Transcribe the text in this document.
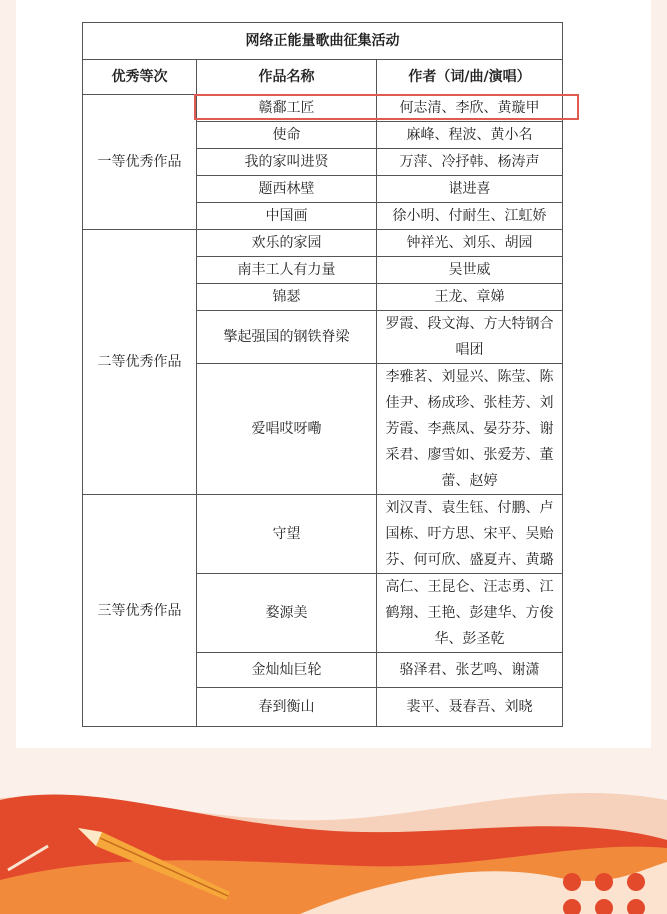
网络正能量歌曲征集活动		
优秀等次	作品名称	作者（词/曲/演唱）
一等优秀作品	赣鄱工匠	何志清、李欣、黄璇甲
	使命	麻峰、程波、黄小名
	我的家叫进贤	万萍、冷抒韩、杨涛声
	题西林壁	谌进喜
	中国画	徐小明、付耐生、江虹娇
二等优秀作品	欢乐的家园	钟祥光、刘乐、胡园
	南丰工人有力量	吴世威
	锦瑟	王龙、章娣
	擎起强国的钢铁脊梁	罗霞、段文海、方大特钢合唱团
	爱唱哎呀嘞	李雅茗、刘显兴、陈莹、陈佳尹、杨成珍、张桂芳、刘芳霞、李燕凤、晏芬芬、谢采君、廖雪如、张爱芳、董蕾、赵婷
三等优秀作品	守望	刘汉青、袁生钰、付鹏、卢国栋、吁方思、宋平、吴贻芬、何可欣、盛夏卉、黄璐
	婺源美	高仁、王昆仑、汪志勇、江鹤翔、王艳、彭建华、方俊华、彭圣乾
	金灿灿巨轮	骆泽君、张艺鸣、谢潇
	春到衡山	裴平、聂春吾、刘晓
